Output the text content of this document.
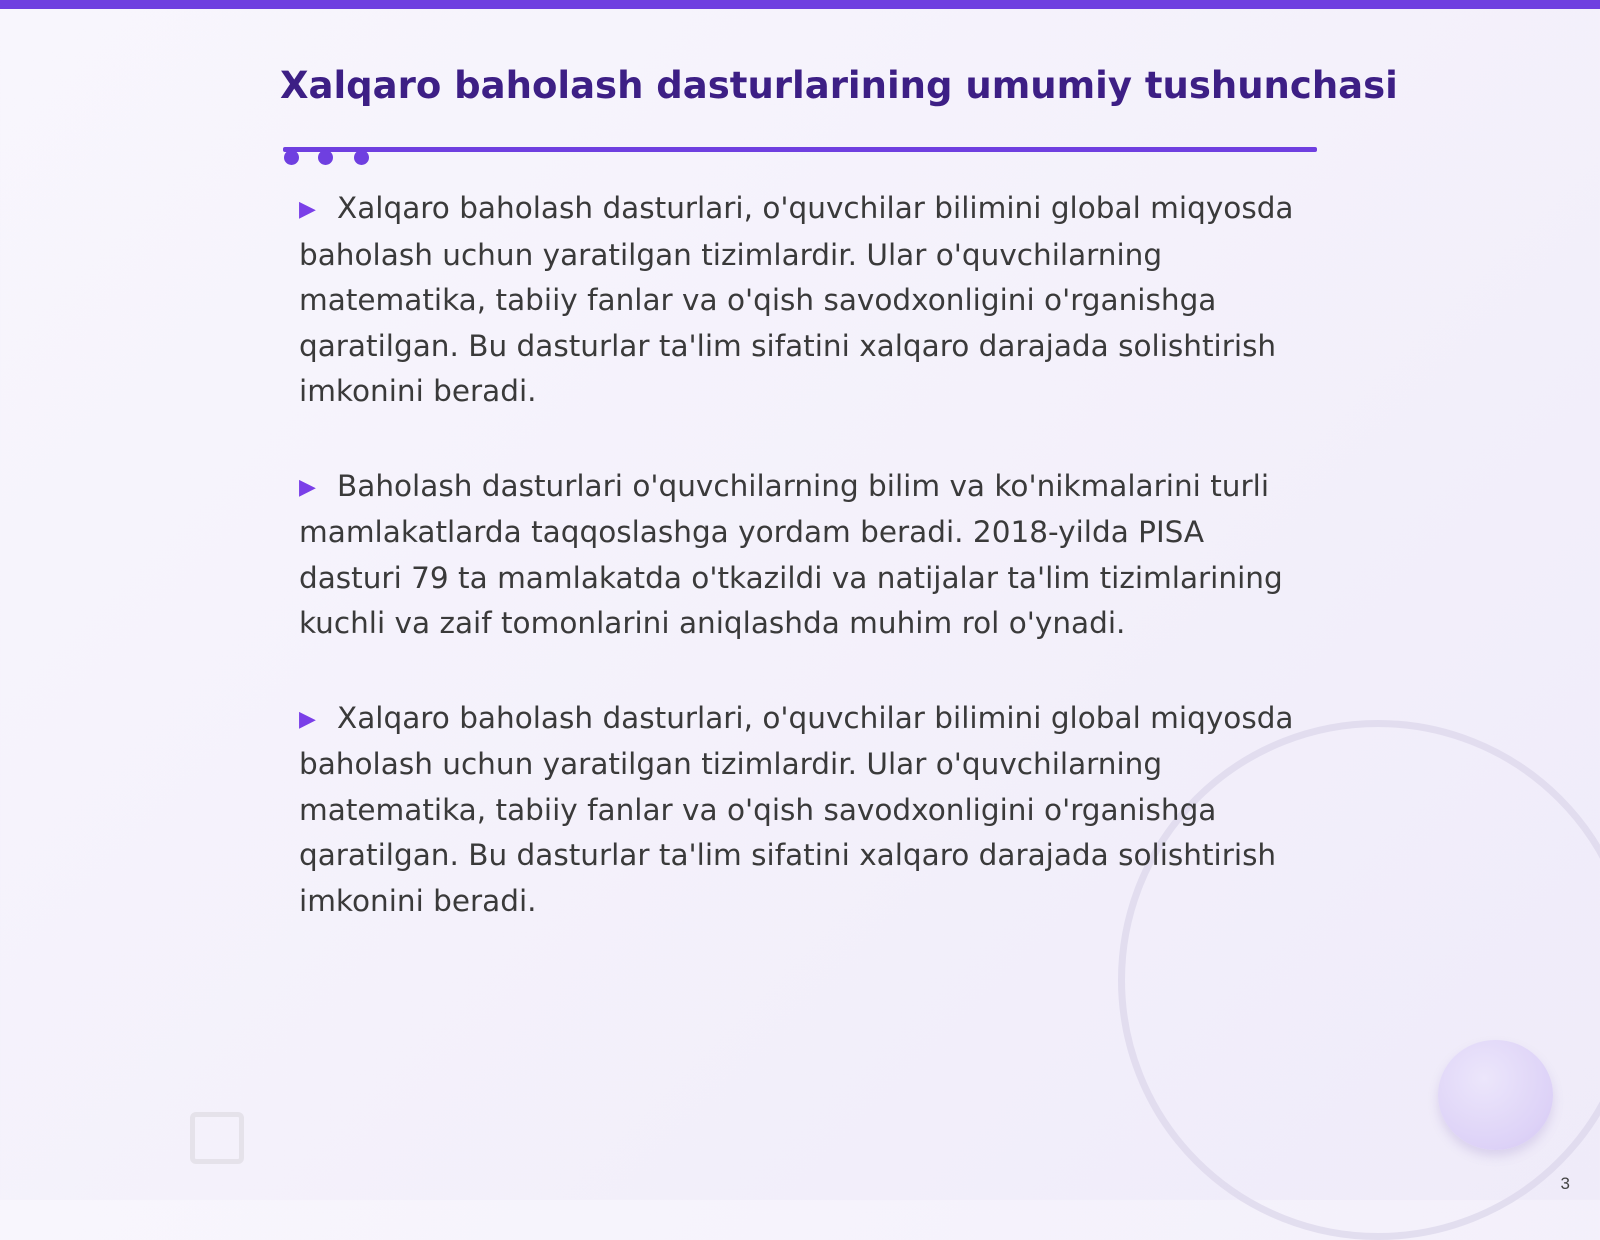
Xalqaro baholash dasturlarining umumiy tushunchasi

▶ Xalqaro baholash dasturlari, o'quvchilar bilimini global miqyosda baholash uchun yaratilgan tizimlardir. Ular o'quvchilarning matematika, tabiiy fanlar va o'qish savodxonligini o'rganishga qaratilgan. Bu dasturlar ta'lim sifatini xalqaro darajada solishtirish imkonini beradi.

▶ Baholash dasturlari o'quvchilarning bilim va ko'nikmalarini turli mamlakatlarda taqqoslashga yordam beradi. 2018-yilda PISA dasturi 79 ta mamlakatda o'tkazildi va natijalar ta'lim tizimlarining kuchli va zaif tomonlarini aniqlashda muhim rol o'ynadi.

▶ Xalqaro baholash dasturlari, o'quvchilar bilimini global miqyosda baholash uchun yaratilgan tizimlardir. Ular o'quvchilarning matematika, tabiiy fanlar va o'qish savodxonligini o'rganishga qaratilgan. Bu dasturlar ta'lim sifatini xalqaro darajada solishtirish imkonini beradi.

3
